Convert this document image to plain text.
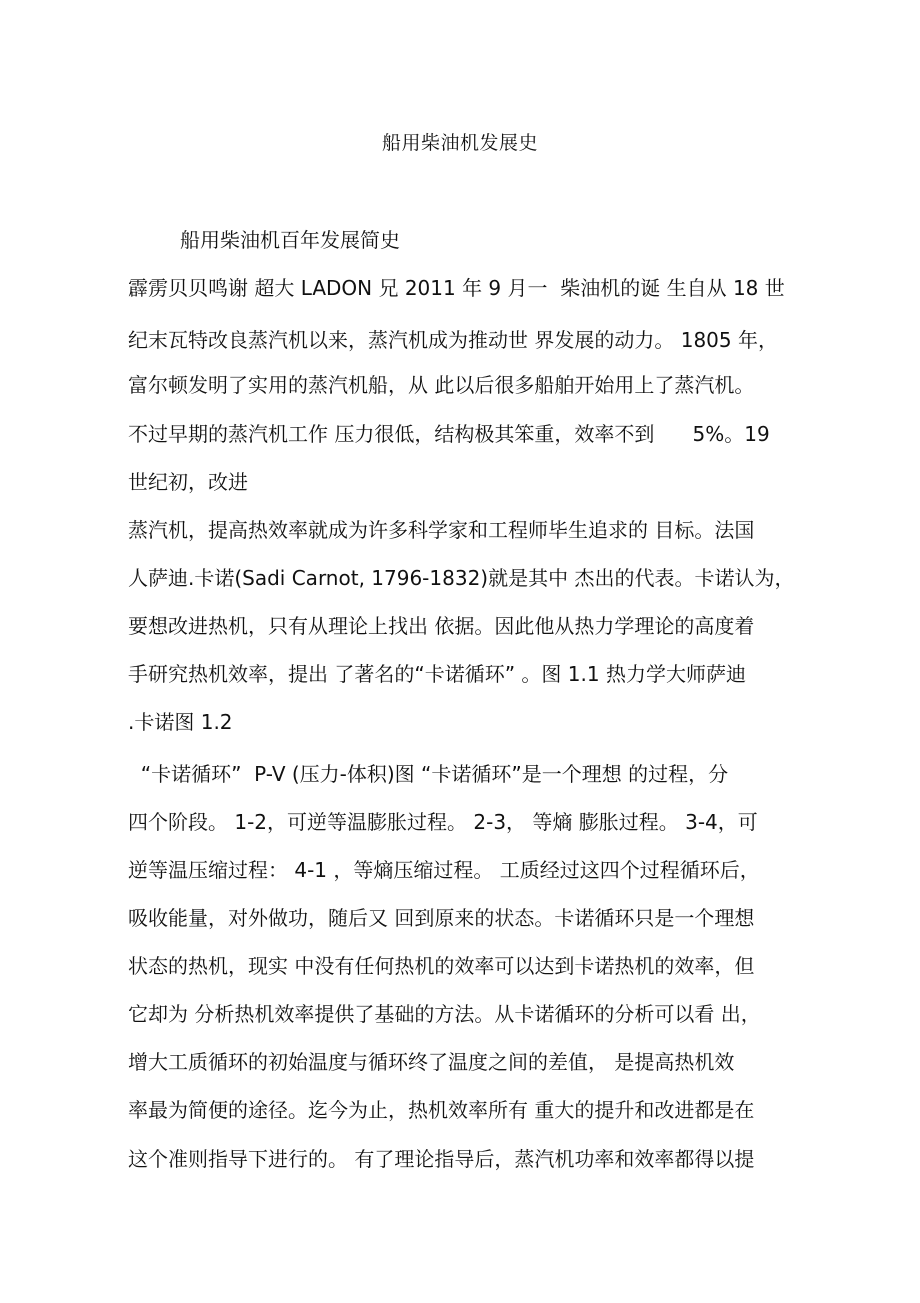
船用柴油机发展史
船用柴油机百年发展简史
霹雳贝贝鸣谢 超大 LADON 兄 2011 年 9 月一  柴油机的诞 生自从 18 世
纪末瓦特改良蒸汽机以来，蒸汽机成为推动世 界发展的动力。 1805 年，
富尔顿发明了实用的蒸汽机船，从 此以后很多船舶开始用上了蒸汽机。
不过早期的蒸汽机工作 压力很低，结构极其笨重，效率不到      5%。19
世纪初，改进
蒸汽机，提高热效率就成为许多科学家和工程师毕生追求的 目标。法国
人萨迪.卡诺(Sadi Carnot, 1796-1832)就是其中 杰出的代表。卡诺认为，
要想改进热机，只有从理论上找出 依据。因此他从热力学理论的高度着
手研究热机效率，提出 了著名的“卡诺循环” 。图 1.1 热力学大师萨迪
.卡诺图 1.2
“卡诺循环”  P-V (压力-体积)图 “卡诺循环”是一个理想 的过程，分
四个阶段。 1-2，可逆等温膨胀过程。 2-3， 等熵 膨胀过程。 3-4，可
逆等温压缩过程： 4-1 ，等熵压缩过程。 工质经过这四个过程循环后，
吸收能量，对外做功，随后又 回到原来的状态。卡诺循环只是一个理想
状态的热机，现实 中没有任何热机的效率可以达到卡诺热机的效率，但
它却为 分析热机效率提供了基础的方法。从卡诺循环的分析可以看 出，
增大工质循环的初始温度与循环终了温度之间的差值， 是提高热机效
率最为简便的途径。迄今为止，热机效率所有 重大的提升和改进都是在
这个准则指导下进行的。 有了理论指导后，蒸汽机功率和效率都得以提
